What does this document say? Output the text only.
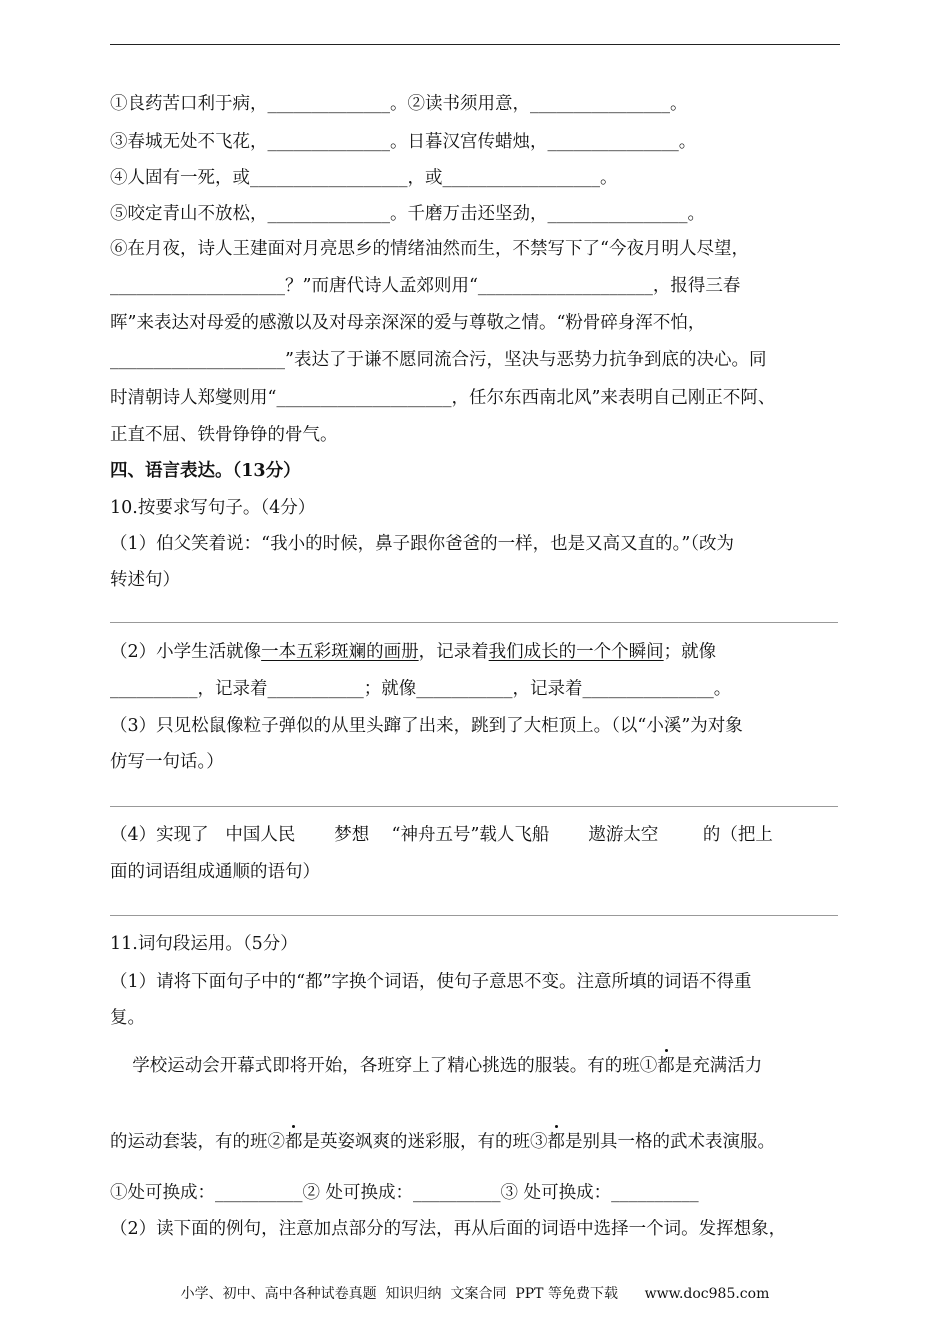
①良药苦口利于病，______________。②读书须用意，________________。
③春城无处不飞花，______________。日暮汉宫传蜡烛，_______________。
④人固有一死，或__________________，或__________________。
⑤咬定青山不放松，______________。千磨万击还坚劲，________________。
⑥在月夜，诗人王建面对月亮思乡的情绪油然而生，不禁写下了“今夜月明人尽望，
____________________？”而唐代诗人孟郊则用“____________________，报得三春
晖”来表达对母爱的感激以及对母亲深深的爱与尊敬之情。“粉骨碎身浑不怕，
____________________”表达了于谦不愿同流合污，坚决与恶势力抗争到底的决心。同
时清朝诗人郑燮则用“____________________，任尔东西南北风”来表明自己刚正不阿、
正直不屈、铁骨铮铮的骨气。
四、语言表达。（13分）
10.按要求写句子。（4分）
（1）伯父笑着说：“我小的时候，鼻子跟你爸爸的一样，也是又高又直的。”（改为
转述句）
（2）小学生活就像一本五彩斑斓的画册，记录着我们成长的一个个瞬间；就像
__________，记录着___________；就像___________，记录着_______________。
（3）只见松鼠像粒子弹似的从里头蹿了出来，跳到了大柜顶上。（以“小溪”为对象
仿写一句话。）
（4）实现了   中国人民       梦想    “神舟五号”载人飞船       遨游太空        的（把上
面的词语组成通顺的语句）
11.词句段运用。（5分）
（1）请将下面句子中的“都”字换个词语，使句子意思不变。注意所填的词语不得重
复。
学校运动会开幕式即将开始，各班穿上了精心挑选的服装。有的班①都是充满活力
的运动套装，有的班②都是英姿飒爽的迷彩服，有的班③都是别具一格的武术表演服。
①处可换成：__________② 处可换成：__________③ 处可换成：__________
（2）读下面的例句，注意加点部分的写法，再从后面的词语中选择一个词。发挥想象，
小学、初中、高中各种试卷真题  知识归纳  文案合同  PPT 等免费下载      www.doc985.com
